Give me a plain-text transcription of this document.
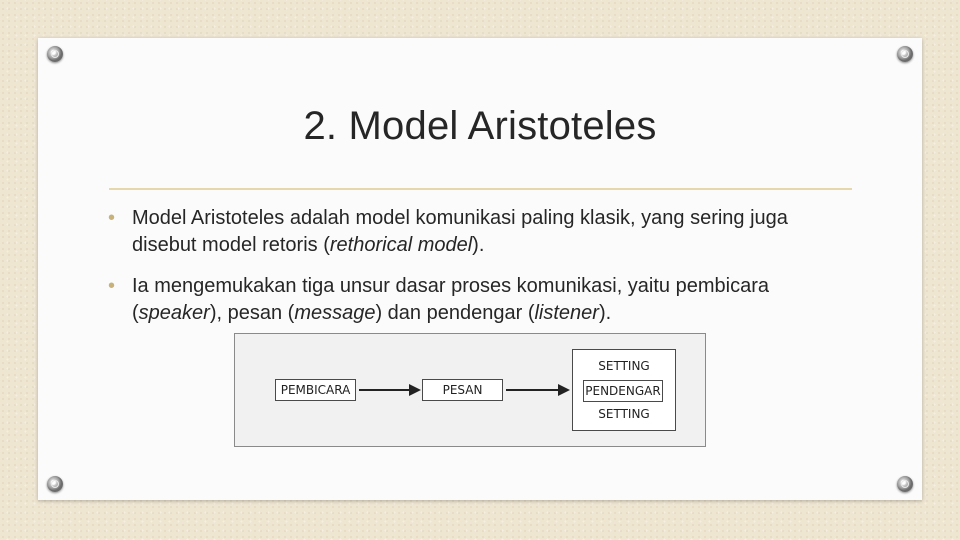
2. Model Aristoteles
• Model Aristoteles adalah model komunikasi paling klasik, yang sering juga disebut model retoris (rethorical model).
• Ia mengemukakan tiga unsur dasar proses komunikasi, yaitu pembicara (speaker), pesan (message) dan pendengar (listener).
PEMBICARA	PESAN
SETTING
PENDENGAR
SETTING
